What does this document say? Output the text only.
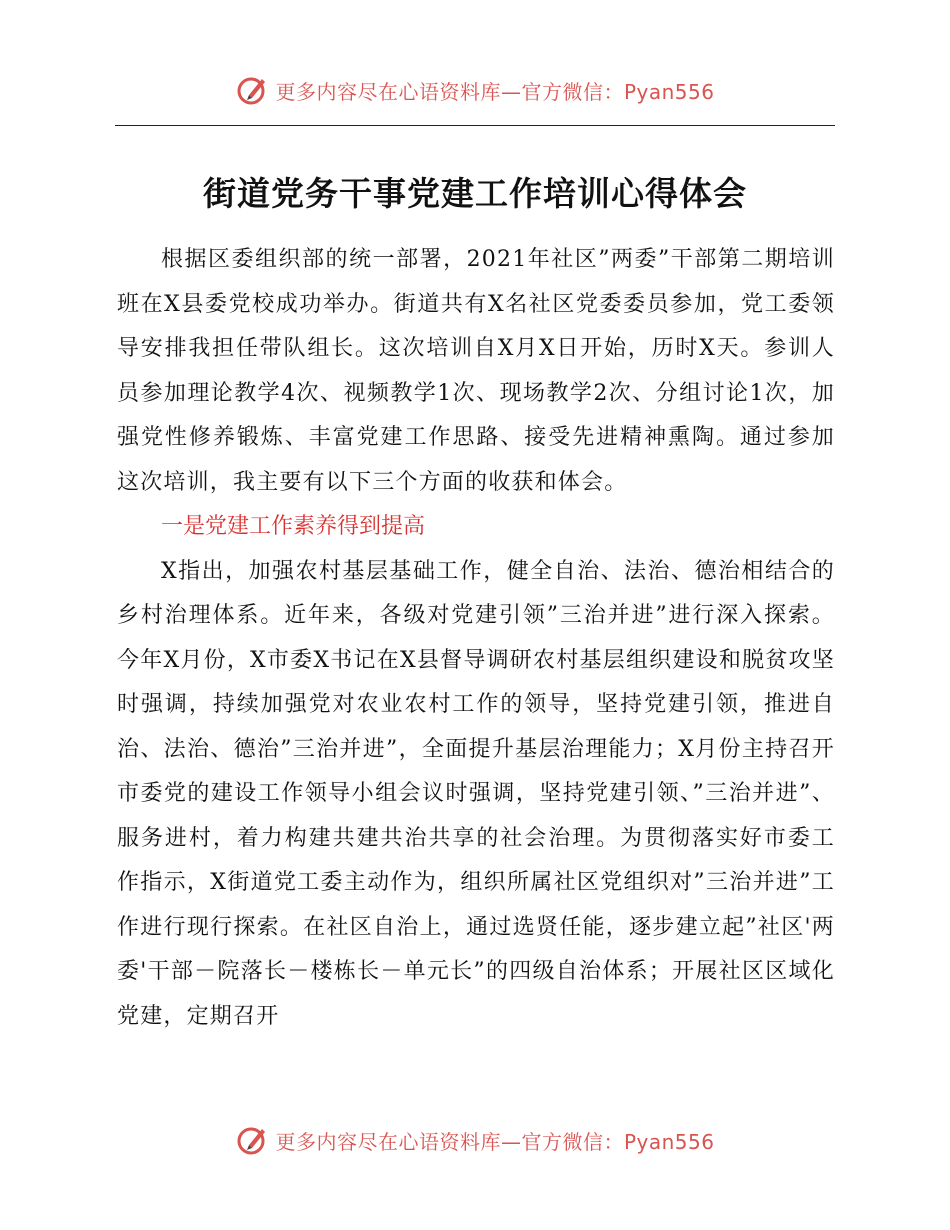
更多内容尽在心语资料库—官方微信：Pyan556
街道党务干事党建工作培训心得体会

根据区委组织部的统一部署，2021年社区”两委”干部第二期培训班在X县委党校成功举办。街道共有X名社区党委委员参加，党工委领导安排我担任带队组长。这次培训自X月X日开始，历时X天。参训人员参加理论教学4次、视频教学1次、现场教学2次、分组讨论1次，加强党性修养锻炼、丰富党建工作思路、接受先进精神熏陶。通过参加这次培训，我主要有以下三个方面的收获和体会。

一是党建工作素养得到提高

X指出，加强农村基层基础工作，健全自治、法治、德治相结合的乡村治理体系。近年来，各级对党建引领”三治并进”进行深入探索。今年X月份，X市委X书记在X县督导调研农村基层组织建设和脱贫攻坚时强调，持续加强党对农业农村工作的领导，坚持党建引领，推进自治、法治、德治”三治并进”，全面提升基层治理能力；X月份主持召开市委党的建设工作领导小组会议时强调，坚持党建引领、”三治并进”、服务进村，着力构建共建共治共享的社会治理。为贯彻落实好市委工作指示，X街道党工委主动作为，组织所属社区党组织对”三治并进”工作进行现行探索。在社区自治上，通过选贤任能，逐步建立起”社区'两委'干部－院落长－楼栋长－单元长”的四级自治体系；开展社区区域化党建，定期召开

更多内容尽在心语资料库—官方微信：Pyan556
